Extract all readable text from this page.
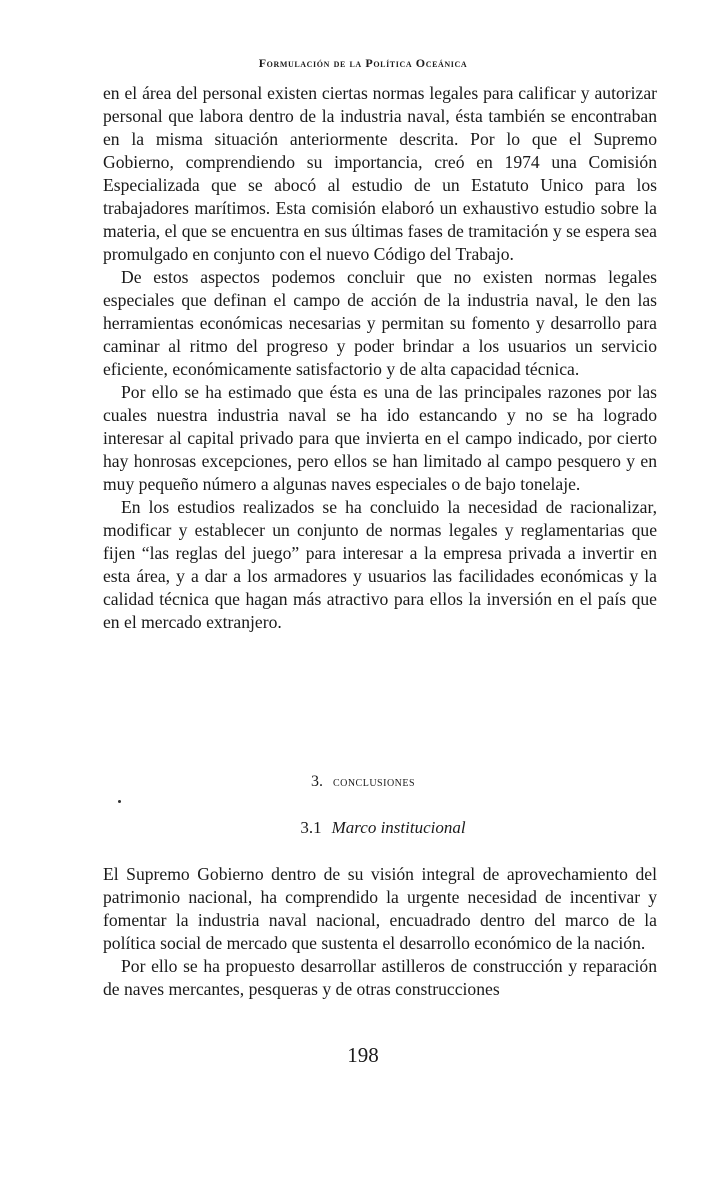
Formulación de la Política Oceánica

en el área del personal existen ciertas normas legales para calificar y autorizar personal que labora dentro de la industria naval, ésta también se encontraban en la misma situación anteriormente descrita. Por lo que el Supremo Gobierno, comprendiendo su importancia, creó en 1974 una Comisión Especializada que se abocó al estudio de un Estatuto Unico para los trabajadores marítimos. Esta comisión elaboró un exhaustivo estudio sobre la materia, el que se encuentra en sus últimas fases de tramitación y se espera sea promulgado en conjunto con el nuevo Código del Trabajo.

De estos aspectos podemos concluir que no existen normas legales especiales que definan el campo de acción de la industria naval, le den las herramientas económicas necesarias y permitan su fomento y desarrollo para caminar al ritmo del progreso y poder brindar a los usuarios un servicio eficiente, económicamente satisfactorio y de alta capacidad técnica.

Por ello se ha estimado que ésta es una de las principales razones por las cuales nuestra industria naval se ha ido estancando y no se ha logrado interesar al capital privado para que invierta en el campo indicado, por cierto hay honrosas excepciones, pero ellos se han limitado al campo pesquero y en muy pequeño número a algunas naves especiales o de bajo tonelaje.

En los estudios realizados se ha concluido la necesidad de racionalizar, modificar y establecer un conjunto de normas legales y reglamentarias que fijen “las reglas del juego” para interesar a la empresa privada a invertir en esta área, y a dar a los armadores y usuarios las facilidades económicas y la calidad técnica que hagan más atractivo para ellos la inversión en el país que en el mercado extranjero.

3. conclusiones
3.1 Marco institucional

El Supremo Gobierno dentro de su visión integral de aprovechamiento del patrimonio nacional, ha comprendido la urgente necesidad de incentivar y fomentar la industria naval nacional, encuadrado dentro del marco de la política social de mercado que sustenta el desarrollo económico de la nación.

Por ello se ha propuesto desarrollar astilleros de construcción y reparación de naves mercantes, pesqueras y de otras construcciones

198
